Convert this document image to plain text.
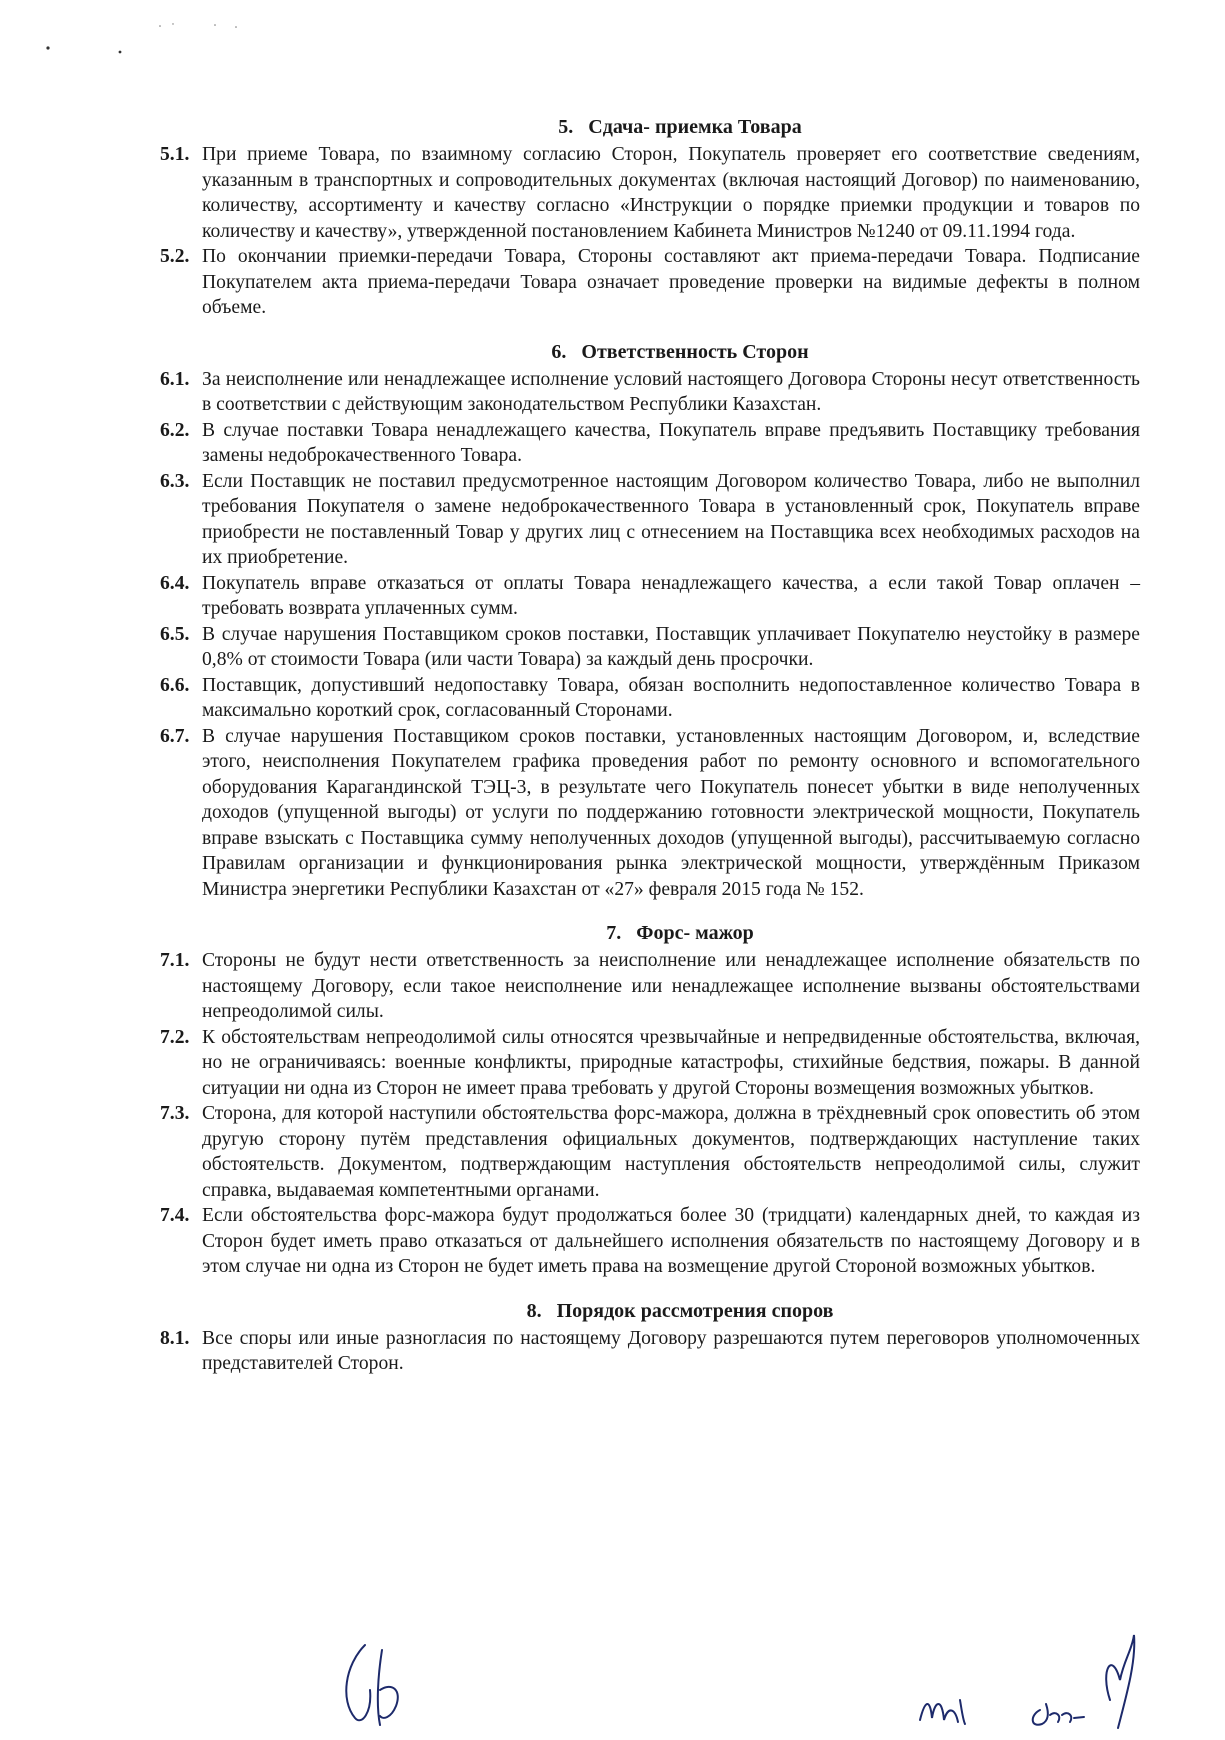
5. Сдача- приемка Товара
5.1. При приеме Товара, по взаимному согласию Сторон, Покупатель проверяет его соответствие сведениям, указанным в транспортных и сопроводительных документах (включая настоящий Договор) по наименованию, количеству, ассортименту и качеству согласно «Инструкции о порядке приемки продукции и товаров по количеству и качеству», утвержденной постановлением Кабинета Министров №1240 от 09.11.1994 года.
5.2. По окончании приемки-передачи Товара, Стороны составляют акт приема-передачи Товара. Подписание Покупателем акта приема-передачи Товара означает проведение проверки на видимые дефекты в полном объеме.
6. Ответственность Сторон
6.1. За неисполнение или ненадлежащее исполнение условий настоящего Договора Стороны несут ответственность в соответствии с действующим законодательством Республики Казахстан.
6.2. В случае поставки Товара ненадлежащего качества, Покупатель вправе предъявить Поставщику требования замены недоброкачественного Товара.
6.3. Если Поставщик не поставил предусмотренное настоящим Договором количество Товара, либо не выполнил требования Покупателя о замене недоброкачественного Товара в установленный срок, Покупатель вправе приобрести не поставленный Товар у других лиц с отнесением на Поставщика всех необходимых расходов на их приобретение.
6.4. Покупатель вправе отказаться от оплаты Товара ненадлежащего качества, а если такой Товар оплачен – требовать возврата уплаченных сумм.
6.5. В случае нарушения Поставщиком сроков поставки, Поставщик уплачивает Покупателю неустойку в размере 0,8% от стоимости Товара (или части Товара) за каждый день просрочки.
6.6. Поставщик, допустивший недопоставку Товара, обязан восполнить недопоставленное количество Товара в максимально короткий срок, согласованный Сторонами.
6.7. В случае нарушения Поставщиком сроков поставки, установленных настоящим Договором, и, вследствие этого, неисполнения Покупателем графика проведения работ по ремонту основного и вспомогательного оборудования Карагандинской ТЭЦ-3, в результате чего Покупатель понесет убытки в виде неполученных доходов (упущенной выгоды) от услуги по поддержанию готовности электрической мощности, Покупатель вправе взыскать с Поставщика сумму неполученных доходов (упущенной выгоды), рассчитываемую согласно Правилам организации и функционирования рынка электрической мощности, утверждённым Приказом Министра энергетики Республики Казахстан от «27» февраля 2015 года № 152.
7. Форс- мажор
7.1. Стороны не будут нести ответственность за неисполнение или ненадлежащее исполнение обязательств по настоящему Договору, если такое неисполнение или ненадлежащее исполнение вызваны обстоятельствами непреодолимой силы.
7.2. К обстоятельствам непреодолимой силы относятся чрезвычайные и непредвиденные обстоятельства, включая, но не ограничиваясь: военные конфликты, природные катастрофы, стихийные бедствия, пожары. В данной ситуации ни одна из Сторон не имеет права требовать у другой Стороны возмещения возможных убытков.
7.3. Сторона, для которой наступили обстоятельства форс-мажора, должна в трёхдневный срок оповестить об этом другую сторону путём представления официальных документов, подтверждающих наступление таких обстоятельств. Документом, подтверждающим наступления обстоятельств непреодолимой силы, служит справка, выдаваемая компетентными органами.
7.4. Если обстоятельства форс-мажора будут продолжаться более 30 (тридцати) календарных дней, то каждая из Сторон будет иметь право отказаться от дальнейшего исполнения обязательств по настоящему Договору и в этом случае ни одна из Сторон не будет иметь права на возмещение другой Стороной возможных убытков.
8. Порядок рассмотрения споров
8.1. Все споры или иные разногласия по настоящему Договору разрешаются путем переговоров уполномоченных представителей Сторон.
